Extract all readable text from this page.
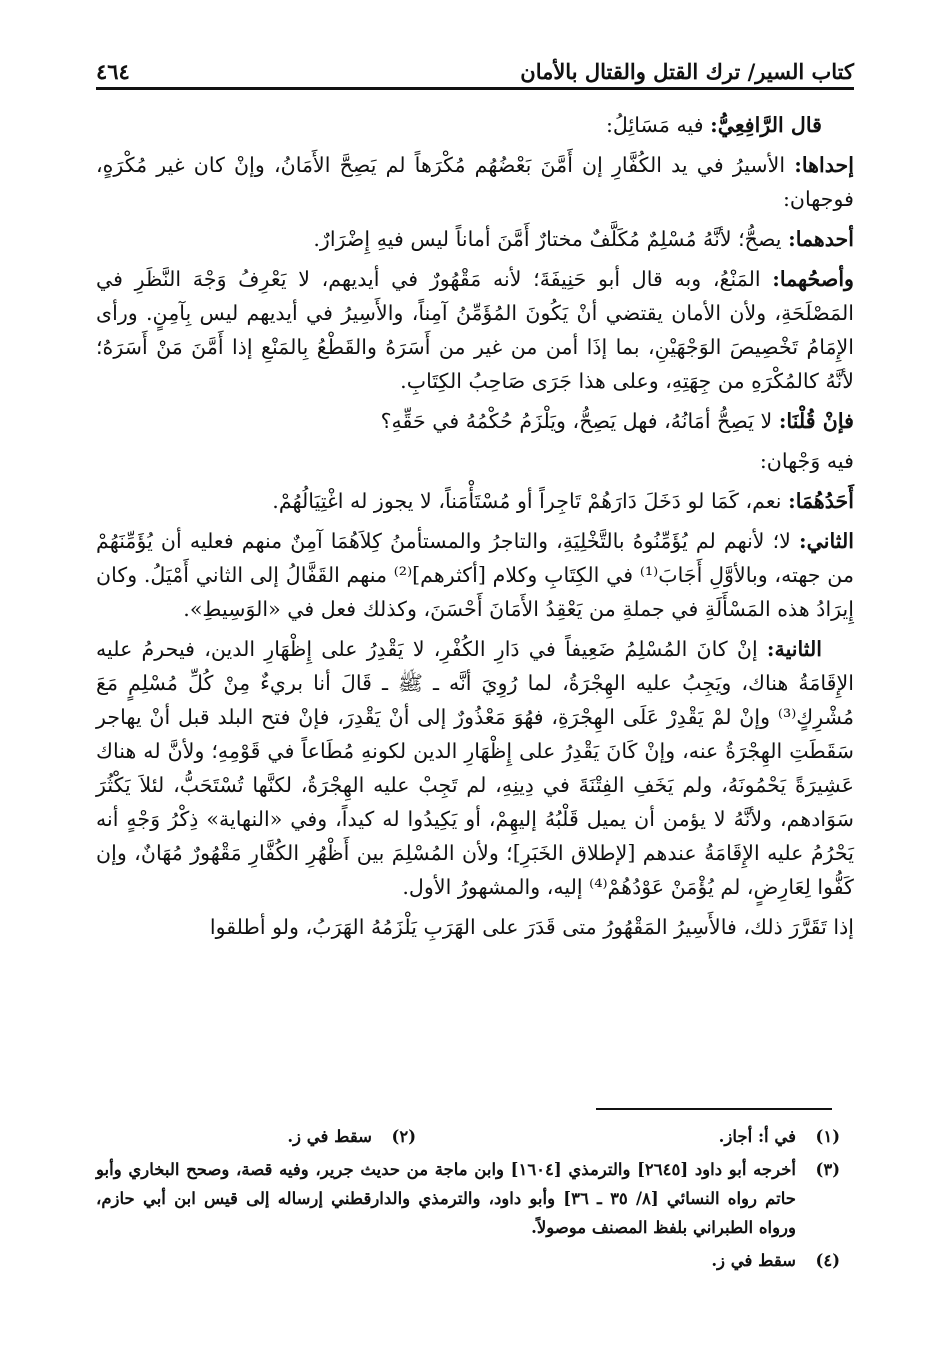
كتاب السير/ ترك القتل والقتال بالأمان
٤٦٤

قال الرَّافِعِيُّ: فيه مَسَائِلُ:

إحداها: الأسيرُ في يد الكُفَّارِ إن أَمَّنَ بَعْضُهُم مُكْرَهاً لم يَصِحَّ الأَمَانُ، وإنْ كان غير مُكْرَهٍ، فوجهان:

أحدهما: يصحُّ؛ لأنَّهُ مُسْلِمٌ مُكَلَّفٌ مختارٌ أَمَّنَ أماناً ليس فيهِ إِضْرَارٌ.

وأصحُهما: المَنْعُ، وبه قال أبو حَنِيفَةَ؛ لأنه مَقْهُورٌ في أيديهم، لا يَعْرِفُ وَجْهَ النَّظَرِ في المَصْلَحَةِ، ولأن الأمان يقتضي أنْ يَكُونَ المُؤَمِّنُ آمِناً، والأَسِيرُ في أيديهم ليس بِآمِنٍ. ورأى الإِمَامُ تَخْصِيصَ الوَجْهَيْنِ، بما إذَا أمن من غير من أَسَرَهُ والقَطْعُ بِالمَنْعِ إذا أَمَّنَ مَنْ أَسَرَهُ؛ لأنَّهُ كالمُكْرَهِ من جِهَتِهِ، وعلى هذا جَرَى صَاحِبُ الكِتَابِ.

فإنْ قُلْنَا: لا يَصِحُّ أمَانُهُ، فهل يَصِحُّ، ويَلْزَمُ حُكْمُهُ في حَقِّهِ؟

فيه وَجْهان:

أَحَدُهُمَا: نعم، كَمَا لو دَخَلَ دَارَهُمْ تَاجِراً أو مُسْتَأْمَناً، لا يجوز له اغْتِيَالُهُمْ.

الثاني: لا؛ لأنهم لم يُؤَمِّنُوهُ بالتَّخْلِيَةِ، والتاجرُ والمستأمنُ كِلاَهُمَا آمِنٌ منهم فعليه أن يُؤَمِّنَهُمْ من جهته، وبالأوَّلِ أَجَابَ⁽¹⁾ في الكِتَابِ وكلام [أكثرهم]⁽²⁾ منهم القَفَّالُ إلى الثاني أَمْيَلُ. وكان إِيرَادُ هذه المَسْأَلَةِ في جملةِ من يَعْقِدُ الأَمَانَ أَحْسَنَ، وكذلك فعل في «الوَسِيطِ».

الثانية: إنْ كانَ المُسْلِمُ ضَعِيفاً في دَارِ الكُفْرِ، لا يَقْدِرُ على إِظْهَارِ الدين، فيحرمُ عليه الإِقَامَةُ هناك، ويَجِبُ عليه الهِجْرَةُ، لما رُوِيَ أنَّه ـ ﷺ ـ قَالَ أنا بريءٌ مِنْ كُلِّ مُسْلِمٍ مَعَ مُشْرِكٍ⁽³⁾ وإنْ لمْ يَقْدِرْ عَلَى الهِجْرَةِ، فهُوَ مَعْذُورٌ إلى أنْ يَقْدِرَ، فإنْ فتح البلد قبل أنْ يهاجر سَقَطَتِ الهِجْرَةُ عنه، وإنْ كَانَ يَقْدِرُ على إِظْهَارِ الدين لكونهِ مُطَاعاً في قَوْمِهِ؛ ولأنَّ له هناك عَشِيرَةً يَحْمُونَهُ، ولم يَخَفِ الفِتْنَةَ في دِينِهِ، لم تَجِبْ عليه الهِجْرَةُ، لكنَّها تُسْتَحَبُّ، لئلاَ يَكْثُرَ سَوَادهم، ولأنَّهُ لا يؤمن أن يميل قَلْبُهُ إليهِمْ، أو يَكِيدُوا له كيداً، وفي «النهاية» ذِكْرُ وَجْهٍ أنه يَحْرُمُ عليه الإِقَامَةُ عندهم [لإطلاق الخَبَرِ]؛ ولأن المُسْلِمَ بين أَظْهُرِ الكُفَّارِ مَقْهُورٌ مُهَانٌ، وإن كَفُّوا لِعَارِضٍ، لم يُؤْمَنْ عَوْدُهُمْ⁽⁴⁾ إليه، والمشهورُ الأول.

إذا تَقَرَّرَ ذلك، فالأَسِيرُ المَقْهُورُ متى قَدَرَ على الهَرَبِ يَلْزَمُهُ الهَرَبُ، ولو أطلقوا

(١)
في أ: أجاز.
(٢)
سقط في ز.
(٣)
أخرجه أبو داود [٢٦٤٥] والترمذي [١٦٠٤] وابن ماجة من حديث جرير، وفيه قصة، وصحح البخاري وأبو حاتم رواه النسائي [٨/ ٣٥ ـ ٣٦] وأبو داود، والترمذي والدارقطني إرساله إلى قيس ابن أبي حازم، ورواه الطبراني بلفظ المصنف موصولاً.
(٤)
سقط في ز.
